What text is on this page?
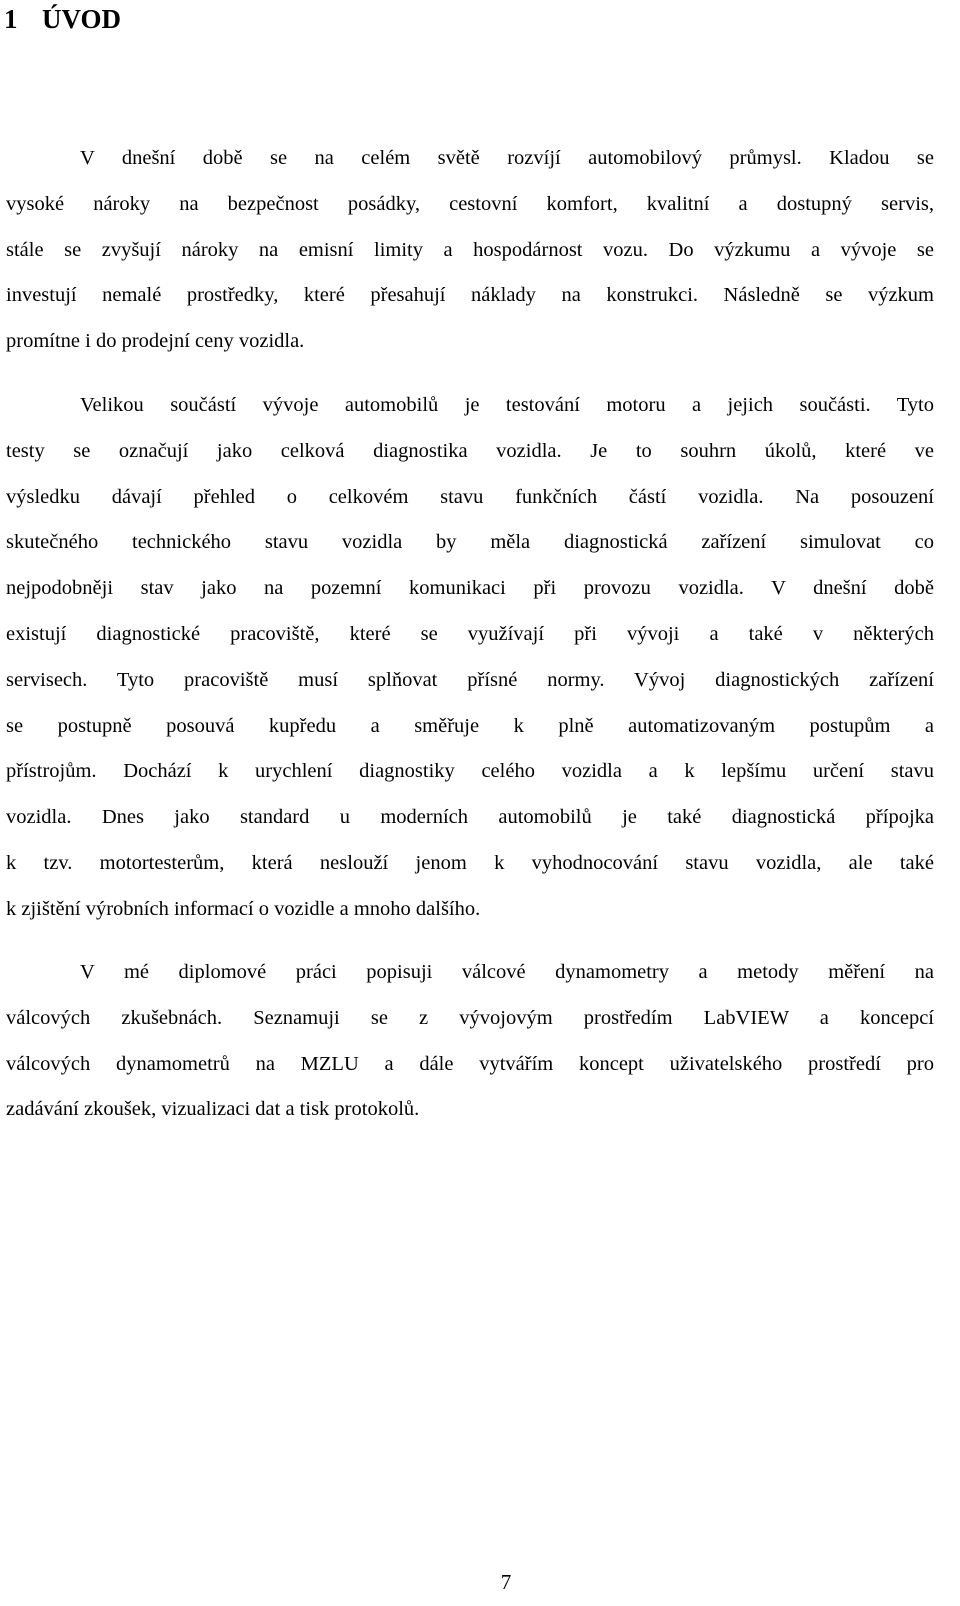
1 ÚVOD
V dnešní době se na celém světě rozvíjí automobilový průmysl. Kladou se
vysoké nároky na bezpečnost posádky, cestovní komfort, kvalitní a dostupný servis,
stále se zvyšují nároky na emisní limity a hospodárnost vozu. Do výzkumu a vývoje se
investují nemalé prostředky, které přesahují náklady na konstrukci. Následně se výzkum
promítne i do prodejní ceny vozidla.
Velikou součástí vývoje automobilů je testování motoru a jejich součásti. Tyto
testy se označují jako celková diagnostika vozidla. Je to souhrn úkolů, které ve
výsledku dávají přehled o celkovém stavu funkčních částí vozidla. Na posouzení
skutečného technického stavu vozidla by měla diagnostická zařízení simulovat co
nejpodobněji stav jako na pozemní komunikaci při provozu vozidla. V dnešní době
existují diagnostické pracoviště, které se využívají při vývoji a také v některých
servisech. Tyto pracoviště musí splňovat přísné normy. Vývoj diagnostických zařízení
se postupně posouvá kupředu a směřuje k plně automatizovaným postupům a
přístrojům. Dochází k urychlení diagnostiky celého vozidla a k lepšímu určení stavu
vozidla. Dnes jako standard u moderních automobilů je také diagnostická přípojka
k tzv. motortesterům, která neslouží jenom k vyhodnocování stavu vozidla, ale také
k zjištění výrobních informací o vozidle a mnoho dalšího.
V mé diplomové práci popisuji válcové dynamometry a metody měření na
válcových zkušebnách. Seznamuji se z vývojovým prostředím LabVIEW a koncepcí
válcových dynamometrů na MZLU a dále vytvářím koncept uživatelského prostředí pro
zadávání zkoušek, vizualizaci dat a tisk protokolů.

7
